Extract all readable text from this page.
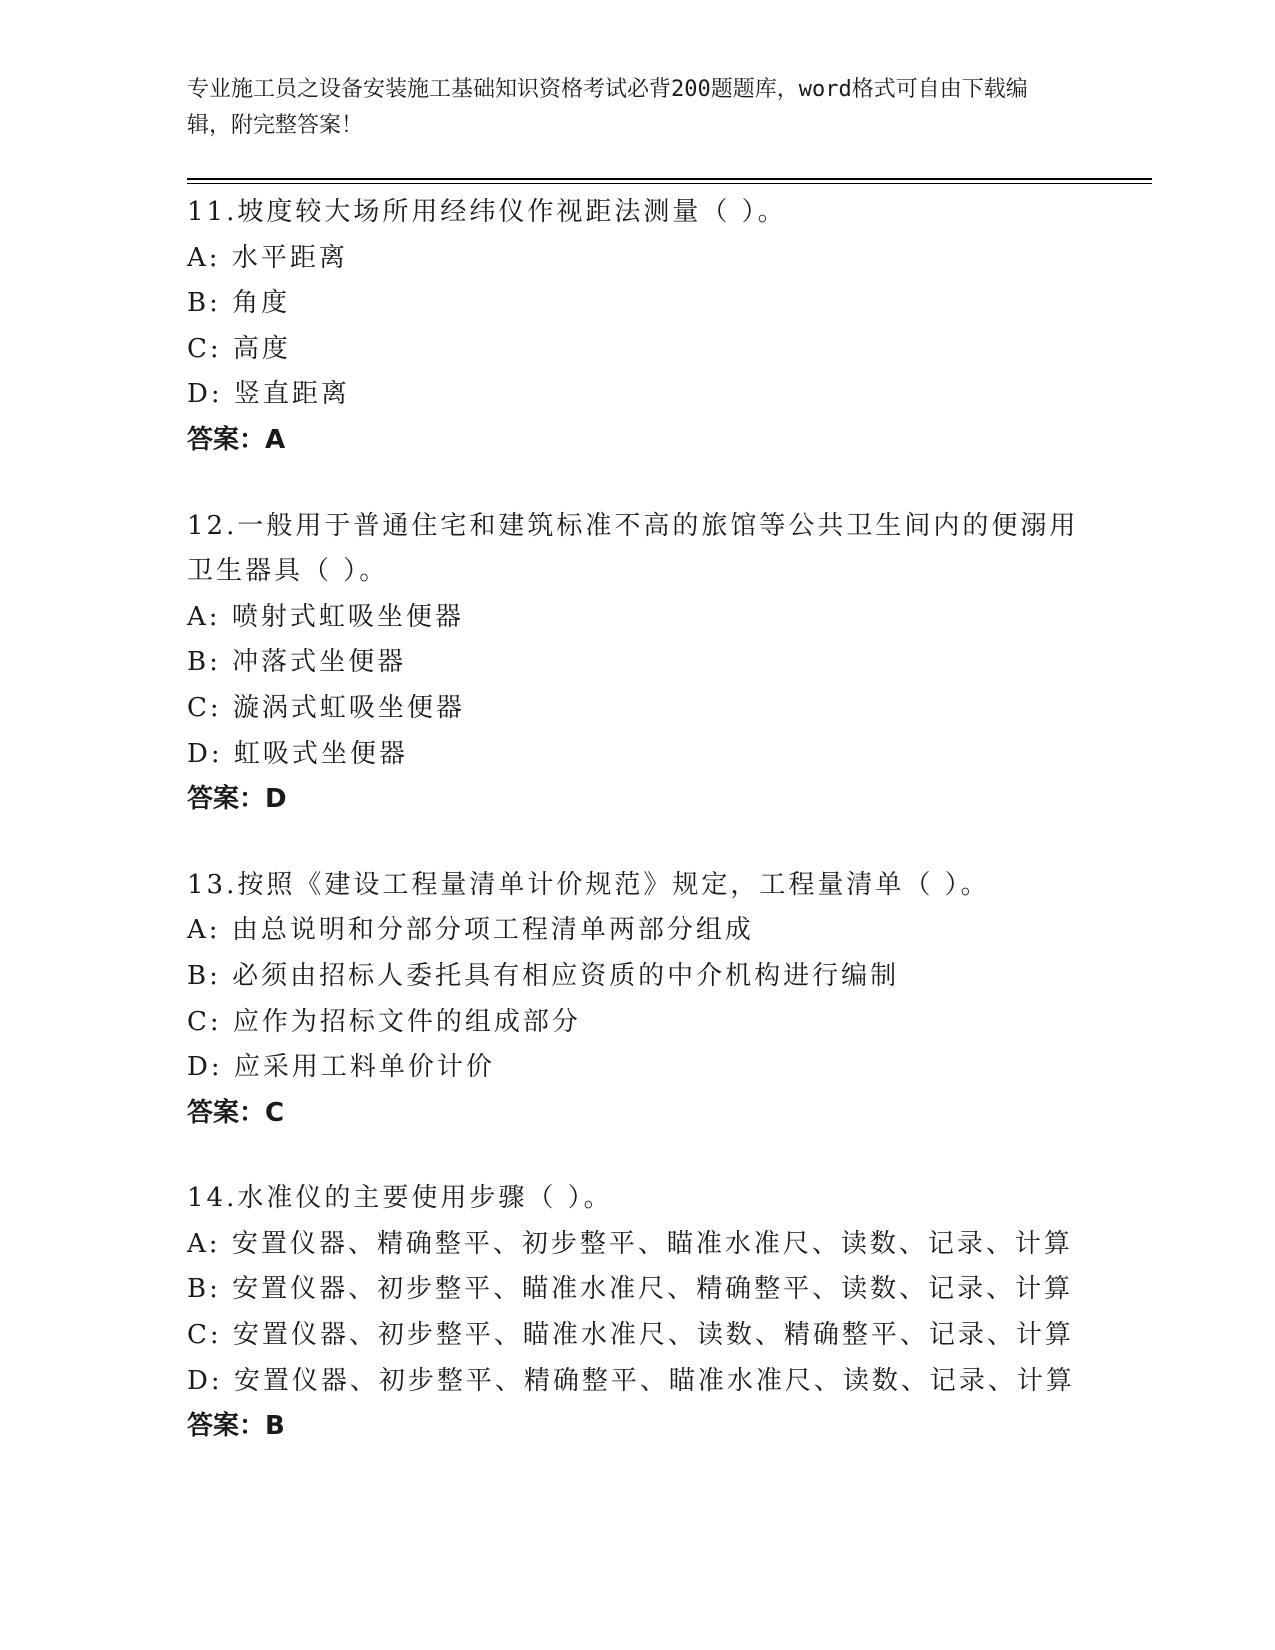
专业施工员之设备安装施工基础知识资格考试必背200题题库，word格式可自由下载编辑，附完整答案！
11.坡度较大场所用经纬仪作视距法测量（ ）。
A: 水平距离
B: 角度
C: 高度
D: 竖直距离
答案：A
12.一般用于普通住宅和建筑标准不高的旅馆等公共卫生间内的便溺用卫生器具（ ）。
A: 喷射式虹吸坐便器
B: 冲落式坐便器
C: 漩涡式虹吸坐便器
D: 虹吸式坐便器
答案：D
13.按照《建设工程量清单计价规范》规定，工程量清单（ ）。
A: 由总说明和分部分项工程清单两部分组成
B: 必须由招标人委托具有相应资质的中介机构进行编制
C: 应作为招标文件的组成部分
D: 应采用工料单价计价
答案：C
14.水准仪的主要使用步骤（ ）。
A: 安置仪器、精确整平、初步整平、瞄准水准尺、读数、记录、计算
B: 安置仪器、初步整平、瞄准水准尺、精确整平、读数、记录、计算
C: 安置仪器、初步整平、瞄准水准尺、读数、精确整平、记录、计算
D: 安置仪器、初步整平、精确整平、瞄准水准尺、读数、记录、计算
答案：B
